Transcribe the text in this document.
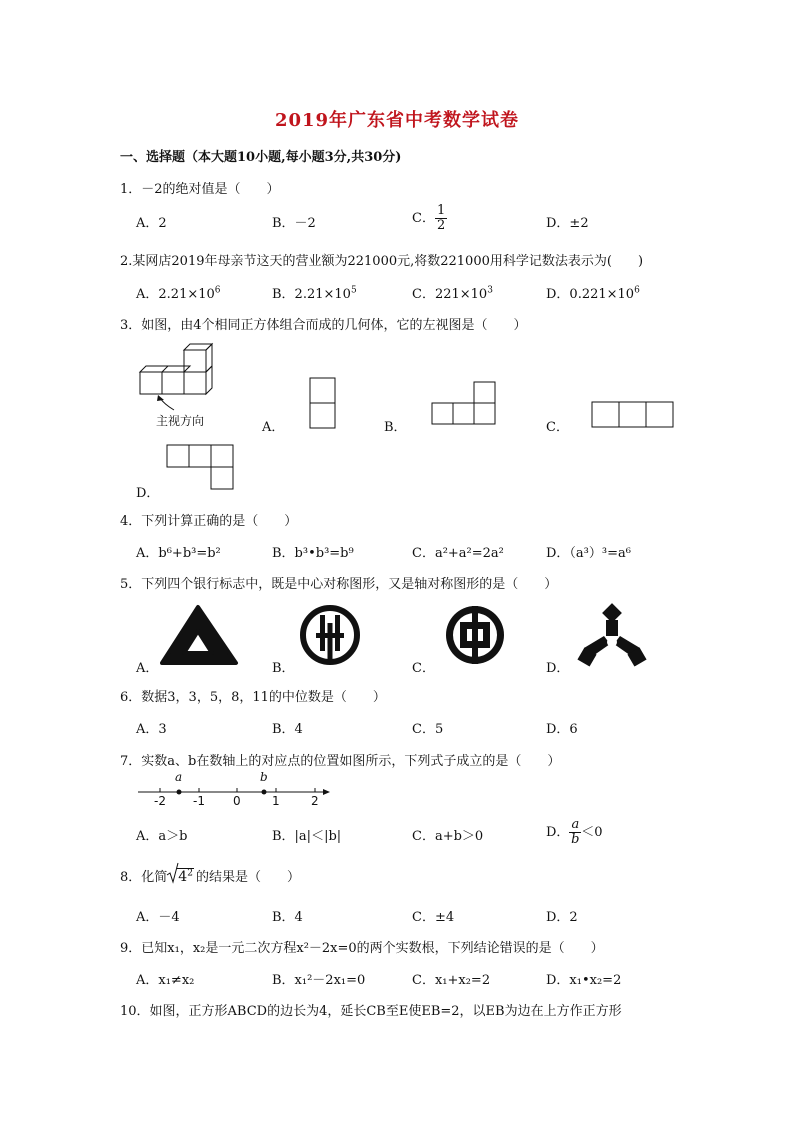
2019年广东省中考数学试卷
一、选择题（本大题10小题,每小题3分,共30分)
1．－2的绝对值是（　　）
A．2	B．－2	C． $\frac{1}{2}$	D．±2
2.某网店2019年母亲节这天的营业额为221000元,将数221000用科学记数法表示为(　　)
A．$2.21\times 10^6$	B．$2.21\times 10^5$	C．$221\times 10^3$	D．$0.221\times 10^6$
3．如图，由4个相同正方体组合而成的几何体，它的左视图是（　　）
主视方向	A．	B．	C．
D．
4．下列计算正确的是（　　）
A．b⁶+b³=b²	B．b³•b³=b⁹	C．a²+a²=2a²	D．（a³）³=a⁶
5．下列四个银行标志中，既是中心对称图形，又是轴对称图形的是（　　）
A．	B．	C．	D．
6．数据3，3，5，8，11的中位数是（　　）
A．3	B．4	C．5	D．6
7．实数a、b在数轴上的对应点的位置如图所示，下列式子成立的是（　　）
a	b
-2 -1 0	1	2
A．a＞b	B．|a|＜|b|	C．a+b＞0	D． $\frac{a}{b} <0$
8．化简 $4^2$ 的结果是（　　）
A．－4	B．4	C．±4	D．2
9．已知x₁，x₂是一元二次方程x²－2x=0的两个实数根，下列结论错误的是（　　）
A．x₁≠x₂	B．x₁²－2x₁=0	C．x₁+x₂=2	D．x₁•x₂=2
10．如图，正方形ABCD的边长为4，延长CB至E使EB=2，以EB为边在上方作正方形
